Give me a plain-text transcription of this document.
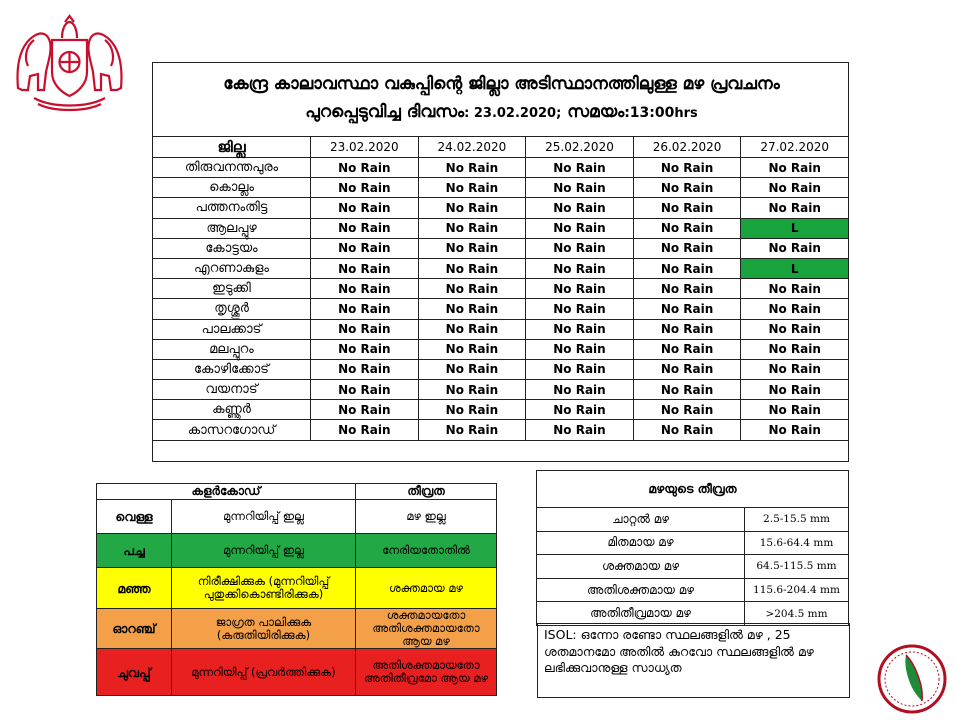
കേന്ദ്ര കാലാവസ്ഥാ വകുപ്പിന്റെ ജില്ലാ അടിസ്ഥാനത്തിലുള്ള മഴ പ്രവചനം
പുറപ്പെടുവിച്ച ദിവസം: 23.02.2020; സമയം:13:00hrs
ജില്ല	23.02.2020	24.02.2020	25.02.2020	26.02.2020	27.02.2020
തിരുവനന്തപുരം	No Rain	No Rain	No Rain	No Rain	No Rain
കൊല്ലം	No Rain	No Rain	No Rain	No Rain	No Rain
പത്തനംതിട്ട	No Rain	No Rain	No Rain	No Rain	No Rain
ആലപ്പുഴ	No Rain	No Rain	No Rain	No Rain	L
കോട്ടയം	No Rain	No Rain	No Rain	No Rain	No Rain
എറണാകുളം	No Rain	No Rain	No Rain	No Rain	L
ഇടുക്കി	No Rain	No Rain	No Rain	No Rain	No Rain
തൃശ്ശൂർ	No Rain	No Rain	No Rain	No Rain	No Rain
പാലക്കാട്	No Rain	No Rain	No Rain	No Rain	No Rain
മലപ്പുറം	No Rain	No Rain	No Rain	No Rain	No Rain
കോഴിക്കോട്	No Rain	No Rain	No Rain	No Rain	No Rain
വയനാട്	No Rain	No Rain	No Rain	No Rain	No Rain
കണ്ണൂർ	No Rain	No Rain	No Rain	No Rain	No Rain
കാസറഗോഡ്	No Rain	No Rain	No Rain	No Rain	No Rain
കളർകോഡ്		തീവ്രത
വെള്ള	മുന്നറിയിപ്പ് ഇല്ല	മഴ ഇല്ല
പച്ച	മുന്നറിയിപ്പ് ഇല്ല	നേരിയതോതിൽ
മഞ്ഞ	നിരീക്ഷിക്കുക (മുന്നറിയിപ്പ് പുതുക്കികൊണ്ടിരിക്കുക)	ശക്തമായ മഴ
ഓറഞ്ച്	ജാഗ്രത പാലിക്കുക (കരുതിയിരിക്കുക)	ശക്തമായതോ അതിശക്തമായതോ ആയ മഴ
ചുവപ്പ്	മുന്നറിയിപ്പ് (പ്രവർത്തിക്കുക)	അതിശക്തമായതോ അതിതീവ്രമോ ആയ മഴ
മഴയുടെ തീവ്രത	
ചാറ്റൽ മഴ	2.5-15.5 mm
മിതമായ മഴ	15.6-64.4 mm
ശക്തമായ മഴ	64.5-115.5 mm
അതിശക്തമായ മഴ	115.6-204.4 mm
അതിതീവ്രമായ മഴ	>204.5 mm
ISOL: ഒന്നോ രണ്ടോ സ്ഥലങ്ങളിൽ മഴ , 25 ശതമാനമോ അതിൽ കുറവോ സ്ഥലങ്ങളിൽ മഴ ലഭിക്കുവാനുള്ള സാധ്യത
